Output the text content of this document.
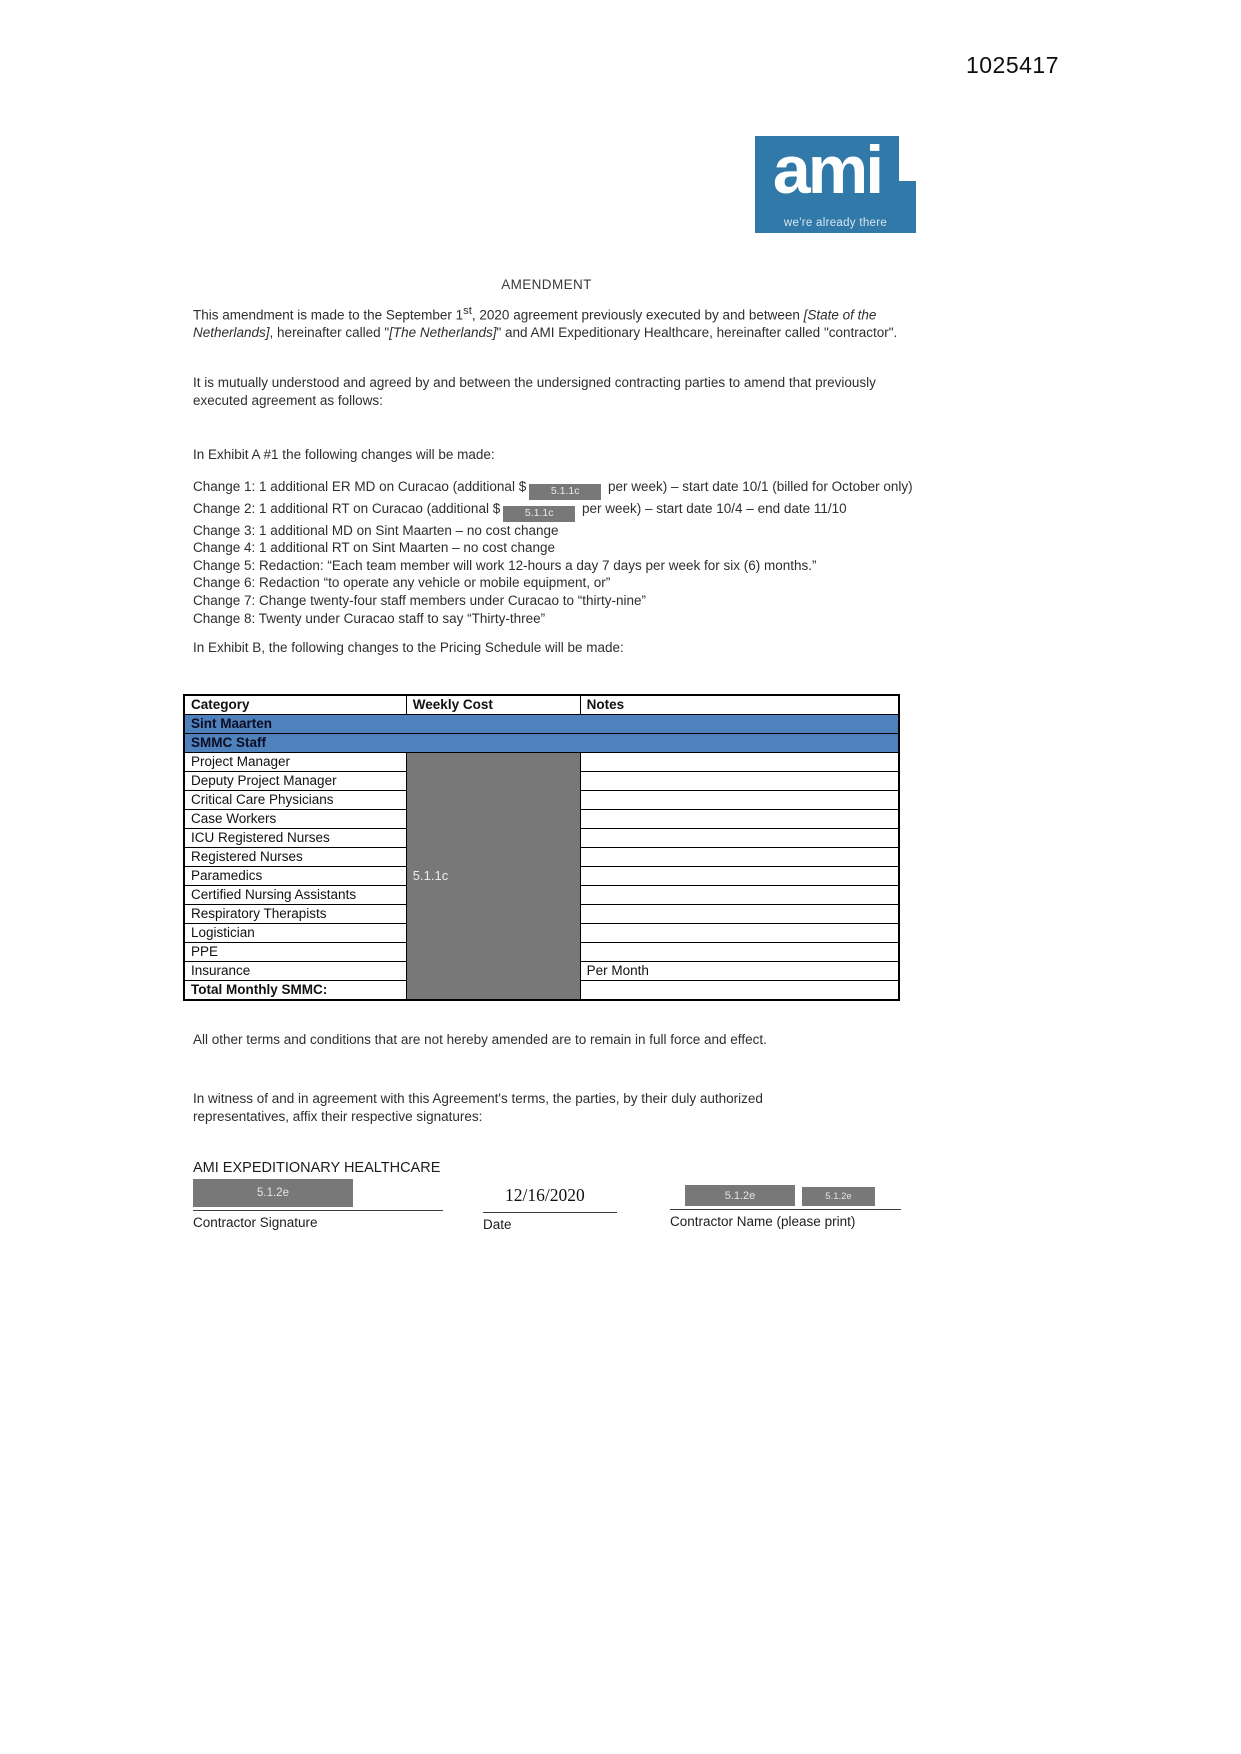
1025417
ami
we're already there
AMENDMENT
This amendment is made to the September 1st, 2020 agreement previously executed by and between [State of the Netherlands], hereinafter called "[The Netherlands]" and AMI Expeditionary Healthcare, hereinafter called "contractor".
It is mutually understood and agreed by and between the undersigned contracting parties to amend that previously executed agreement as follows:
In Exhibit A #1 the following changes will be made:
Change 1: 1 additional ER MD on Curacao (additional $ 5.1.1c per week) – start date 10/1 (billed for October only)
Change 2: 1 additional RT on Curacao (additional $ 5.1.1c per week) – start date 10/4 – end date 11/10
Change 3: 1 additional MD on Sint Maarten – no cost change
Change 4: 1 additional RT on Sint Maarten – no cost change
Change 5: Redaction: “Each team member will work 12-hours a day 7 days per week for six (6) months.”
Change 6: Redaction “to operate any vehicle or mobile equipment, or”
Change 7: Change twenty-four staff members under Curacao to “thirty-nine”
Change 8: Twenty under Curacao staff to say “Thirty-three”
In Exhibit B, the following changes to the Pricing Schedule will be made:
Category	Weekly Cost	Notes
Sint Maarten		
SMMC Staff		
Project Manager	5.1.1c	
Deputy Project Manager		
Critical Care Physicians		
Case Workers		
ICU Registered Nurses		
Registered Nurses		
Paramedics		
Certified Nursing Assistants		
Respiratory Therapists		
Logistician		
PPE		
Insurance		Per Month
Total Monthly SMMC:		
All other terms and conditions that are not hereby amended are to remain in full force and effect.
In witness of and in agreement with this Agreement's terms, the parties, by their duly authorized representatives, affix their respective signatures:
AMI EXPEDITIONARY HEALTHCARE
5.1.2e
Contractor Signature
12/16/2020
Date
5.1.2e	5.1.2e
Contractor Name (please print)
